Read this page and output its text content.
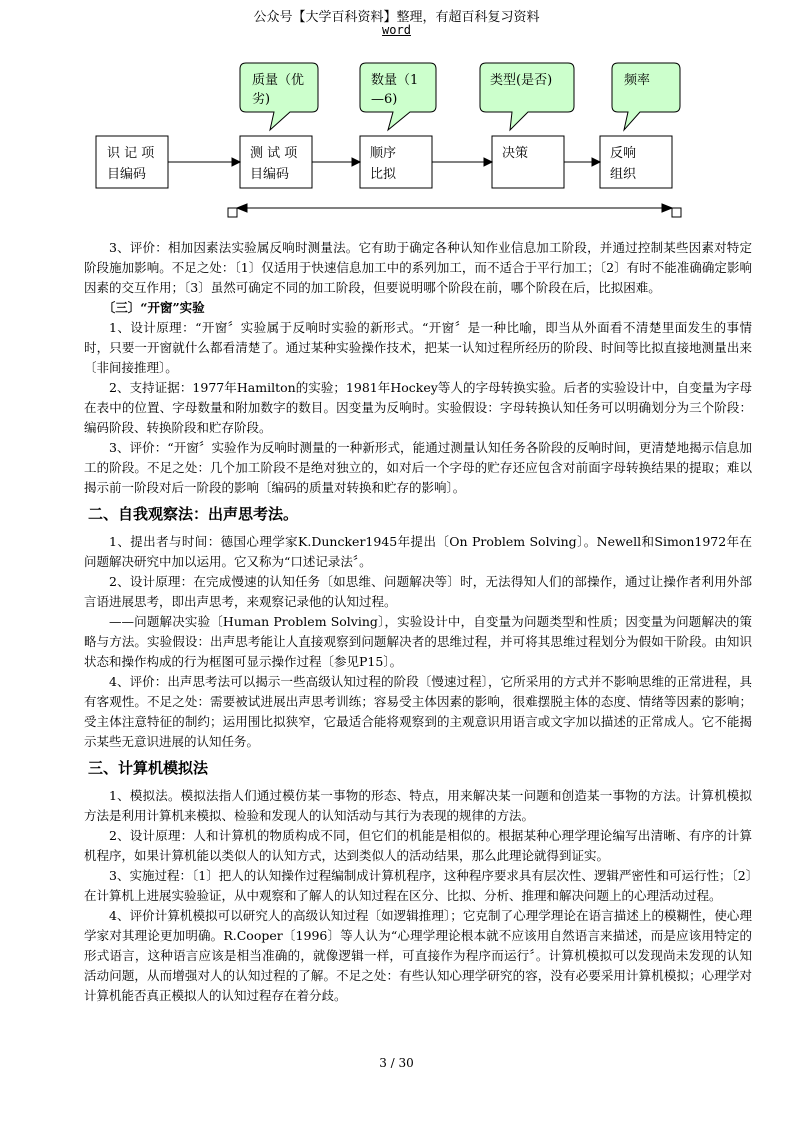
公众号【大学百科资料】整理，有超百科复习资料
word
质量（优
劣)
数量（1
—6)
类型(是否)	频率
识 记 项
目编码
测 试 项
目编码
顺序
比拟
决策	反响
组织

3、评价：相加因素法实验属反响时测量法。它有助于确定各种认知作业信息加工阶段，并通过控制某些因素对特定阶段施加影响。不足之处：〔1〕仅适用于快速信息加工中的系列加工，而不适合于平行加工；〔2〕有时不能准确确定影响因素的交互作用；〔3〕虽然可确定不同的加工阶段，但要说明哪个阶段在前，哪个阶段在后，比拟困难。

〔三〕“开窗”实验

1、设计原理：“开窗〞实验属于反响时实验的新形式。“开窗〞是一种比喻，即当从外面看不清楚里面发生的事情时，只要一开窗就什么都看清楚了。通过某种实验操作技术，把某一认知过程所经历的阶段、时间等比拟直接地测量出来〔非间接推理〕。

2、支持证据：1977年Hamilton的实验；1981年Hockey等人的字母转换实验。后者的实验设计中，自变量为字母在表中的位置、字母数量和附加数字的数目。因变量为反响时。实验假设：字母转换认知任务可以明确划分为三个阶段：编码阶段、转换阶段和贮存阶段。

3、评价：“开窗〞实验作为反响时测量的一种新形式，能通过测量认知任务各阶段的反响时间，更清楚地揭示信息加工的阶段。不足之处：几个加工阶段不是绝对独立的，如对后一个字母的贮存还应包含对前面字母转换结果的提取；难以揭示前一阶段对后一阶段的影响〔编码的质量对转换和贮存的影响〕。

二、自我观察法：出声思考法。

1、提出者与时间：德国心理学家K.Duncker1945年提出〔On Problem Solving〕。Newell和Simon1972年在问题解决研究中加以运用。它又称为“口述记录法〞。

2、设计原理：在完成慢速的认知任务〔如思维、问题解决等〕时，无法得知人们的部操作，通过让操作者利用外部言语进展思考，即出声思考，来观察记录他的认知过程。

——问题解决实验〔Human Problem Solving〕，实验设计中，自变量为问题类型和性质；因变量为问题解决的策略与方法。实验假设：出声思考能让人直接观察到问题解决者的思维过程，并可将其思维过程划分为假如干阶段。由知识状态和操作构成的行为框图可显示操作过程〔参见P15〕。

4、评价：出声思考法可以揭示一些高级认知过程的阶段〔慢速过程〕，它所采用的方式并不影响思维的正常进程，具有客观性。不足之处：需要被试进展出声思考训练；容易受主体因素的影响，很难摆脱主体的态度、情绪等因素的影响；受主体注意特征的制约；运用围比拟狭窄，它最适合能将观察到的主观意识用语言或文字加以描述的正常成人。它不能揭示某些无意识进展的认知任务。

三、计算机模拟法

1、模拟法。模拟法指人们通过模仿某一事物的形态、特点，用来解决某一问题和创造某一事物的方法。计算机模拟方法是利用计算机来模拟、检验和发现人的认知活动与其行为表现的规律的方法。

2、设计原理：人和计算机的物质构成不同，但它们的机能是相似的。根据某种心理学理论编写出清晰、有序的计算机程序，如果计算机能以类似人的认知方式，达到类似人的活动结果，那么此理论就得到证实。

3、实施过程：〔1〕把人的认知操作过程编制成计算机程序，这种程序要求具有层次性、逻辑严密性和可运行性；〔2〕在计算机上进展实验验证，从中观察和了解人的认知过程在区分、比拟、分析、推理和解决问题上的心理活动过程。

4、评价计算机模拟可以研究人的高级认知过程〔如逻辑推理〕；它克制了心理学理论在语言描述上的模糊性，使心理学家对其理论更加明确。R.Cooper〔1996〕等人认为“心理学理论根本就不应该用自然语言来描述，而是应该用特定的形式语言，这种语言应该是相当准确的，就像逻辑一样，可直接作为程序而运行〞。计算机模拟可以发现尚未发现的认知活动问题，从而增强对人的认知过程的了解。不足之处：有些认知心理学研究的容，没有必要采用计算机模拟；心理学对计算机能否真正模拟人的认知过程存在着分歧。

3 / 30
